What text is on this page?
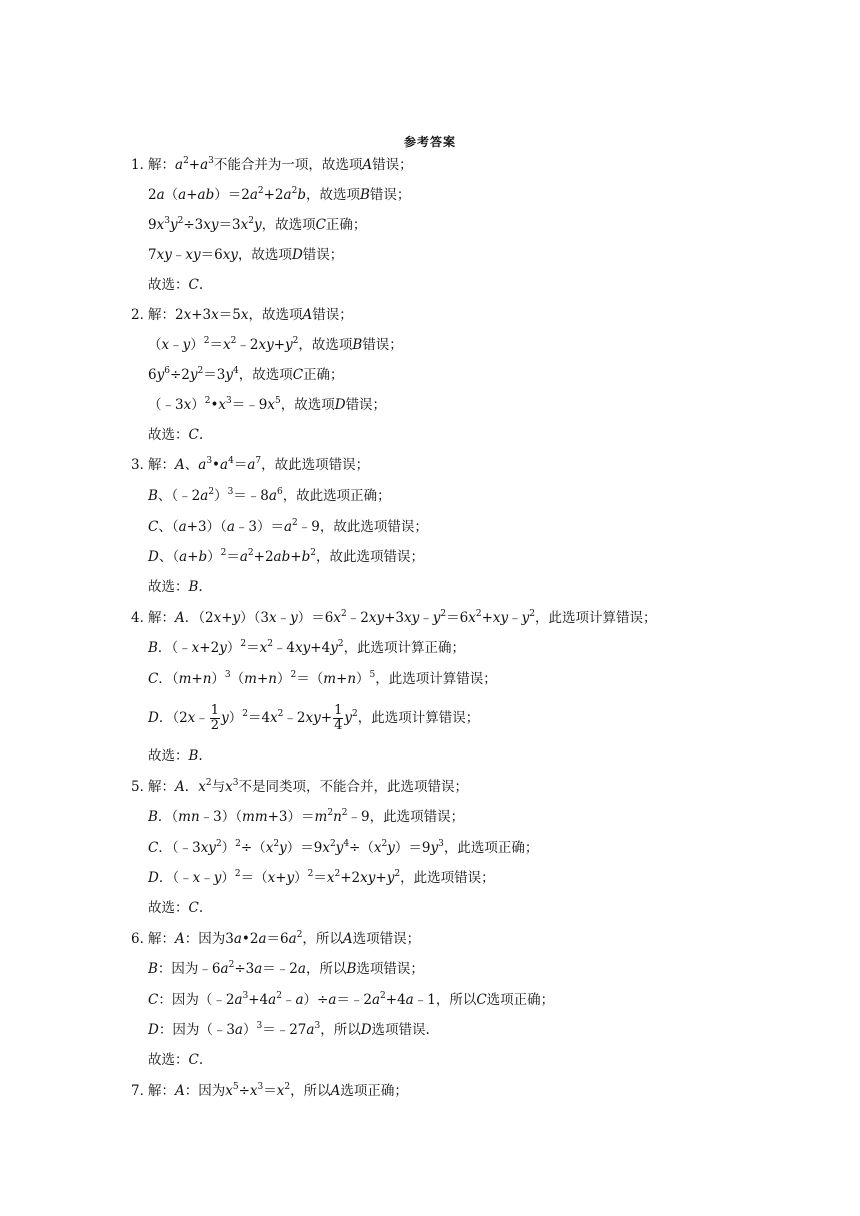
参考答案
1．
解：$a^2+a^3$不能合并为一项，故选项A错误；
$2a(a+ab)=2a^2+2a^2b$，故选项B错误；
$9x^3y^2\div 3xy=3x^2y$，故选项C正确；
7xy﹣xy＝6xy，故选项D错误；
故选：C.
2．
解：2x+3x＝5x，故选项A错误；
$(x﹣y)^2=x^2﹣2xy+y^2$，故选项B错误；
$6y^6\div 2y^2=3y^4$，故选项C正确；
$(﹣3x)^2•x^3=﹣9x^5$，故选项D错误；
故选：C.
3．
解：A、$a^3•a^4=a^7$，故此选项错误；
B、$(﹣2a^2)^3=﹣8a^6$，故此选项正确；
C、$(a+3)(a﹣3)=a^2﹣9$，故此选项错误；
D、$(a+b)^2=a^2+2ab+b^2$，故此选项错误；
故选：B.
4．
解：A．$(2x+y)(3x﹣y)=6x^2﹣2xy+3xy﹣y^2=6x^2+xy﹣y^2$，此选项计算错误；
B．$(﹣x+2y)^2=x^2﹣4xy+4y^2$，此选项计算正确；
C．$(m+n)^3(m+n)^2=(m+n)^5$，此选项计算错误；
D．（2x﹣ $\frac{1}{2}$ $y)^2=4x^2﹣2xy+ \frac{1}{4} y^2$，此选项计算错误；
故选：B.
5．
解：A．$x^2$与$x^3$不是同类项，不能合并，此选项错误；
B．$(mn﹣3)(mm+3)=m^2n^2﹣9$，此选项错误；
C．$(﹣3xy^2)^2\div(x^2y)=9x^2y^4\div(x^2y)=9y^3$，此选项正确；
D．$(﹣x﹣y)^2=(x+y)^2=x^2+2xy+y^2$，此选项错误；
故选：C.
6．
解：A：因为$3a•2a=6a^2$，所以A选项错误；
B：因为$﹣6a^2\div 3a=﹣2a$，所以B选项错误；
C：因为$(﹣2a^3+4a^2﹣a)\div a=﹣2a^2+4a﹣1$，所以C选项正确；
D：因为$(﹣3a)^3=﹣27a^3$，所以D选项错误.
故选：C.
7．
解：A：因为$x^5\div x^3=x^2$，所以A选项正确；
